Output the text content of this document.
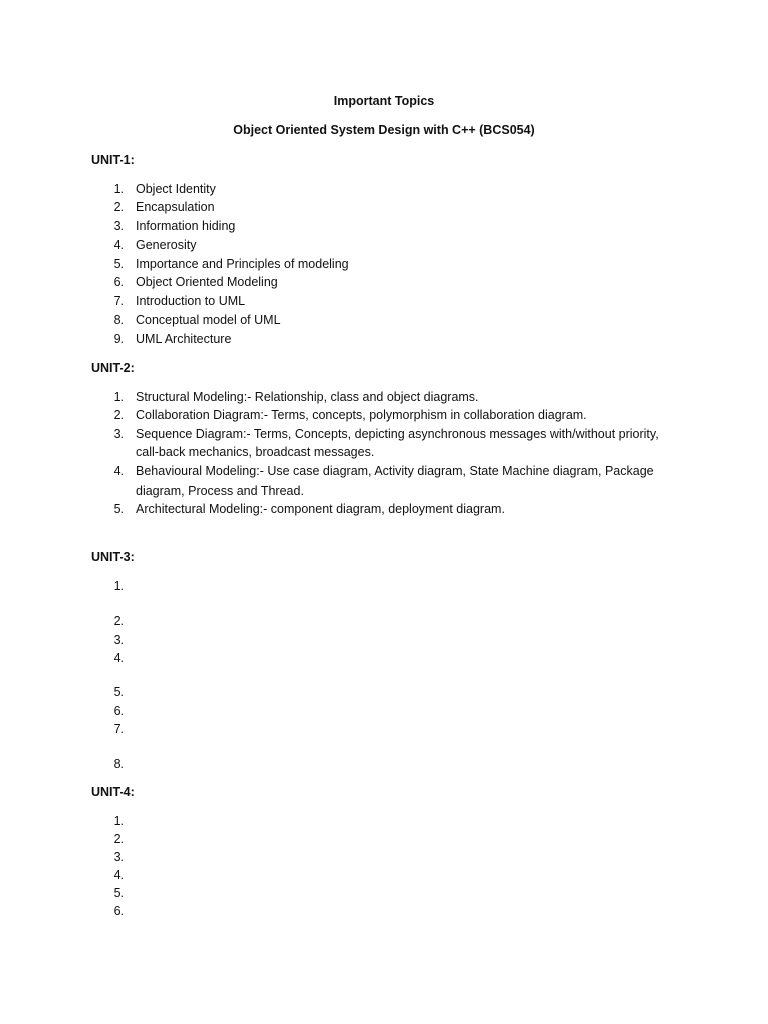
Important Topics
Object Oriented System Design with C++ (BCS054)
UNIT-1:
1. Object Identity
2. Encapsulation
3. Information hiding
4. Generosity
5. Importance and Principles of modeling
6. Object Oriented Modeling
7. Introduction to UML
8. Conceptual model of UML
9. UML Architecture
UNIT-2:
1. Structural Modeling:- Relationship, class and object diagrams.
2. Collaboration Diagram:- Terms, concepts, polymorphism in collaboration diagram.
3. Sequence Diagram:- Terms, Concepts, depicting asynchronous messages with/without priority,
call-back mechanics, broadcast messages.
4. Behavioural Modeling:- Use case diagram, Activity diagram, State Machine diagram, Package
diagram, Process and Thread.
5. Architectural Modeling:- component diagram, deployment diagram.
UNIT-3:
1.
2.
3.
4.
5.
6.
7.
8.
UNIT-4:
1.
2.
3.
4.
5.
6.
